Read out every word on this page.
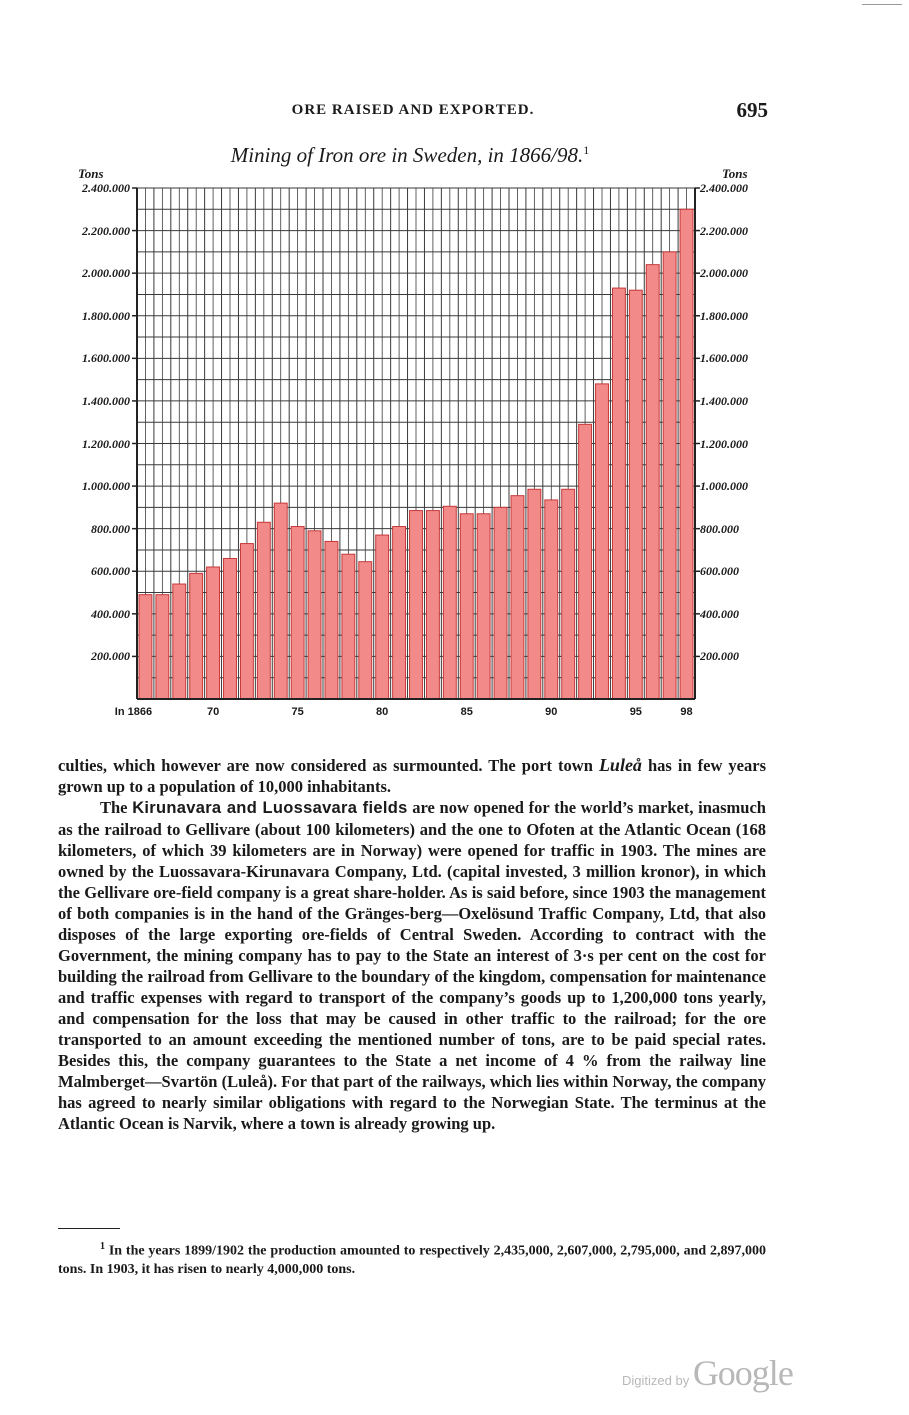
ORE RAISED AND EXPORTED.	695
Mining of Iron ore in Sweden, in 1866/98.$^1$
Tons	Tons
2.400.000
2.200.000
2.000.000
1.800.000
1.600.000
1.400.000
1.200.000
1.000.000
800.000
600.000
400.000
200.000
2.400.000
2.200.000
2.000.000
1.800.000
1.600.000
1.400.000
1.200.000
1.000.000
800.000
600.000
400.000
200.000
In 1866	70	75	80	85	90	95	98

culties, which however are now considered as surmounted. The port town Luleå has in few years grown up to a population of 10,000 inhabitants.

The Kirunavara and Luossavara fields are now opened for the world’s market, inasmuch as the railroad to Gellivare (about 100 kilometers) and the one to Ofoten at the Atlantic Ocean (168 kilometers, of which 39 kilometers are in Norway) were opened for traffic in 1903. The mines are owned by the Luossavara-Kirunavara Company, Ltd. (capital invested, 3 million kronor), in which the Gellivare ore-field company is a great share-holder. As is said before, since 1903 the management of both companies is in the hand of the Gränges-berg—Oxelösund Traffic Company, Ltd, that also disposes of the large exporting ore-fields of Central Sweden. According to contract with the Government, the mining company has to pay to the State an interest of 3·s per cent on the cost for building the railroad from Gellivare to the boundary of the kingdom, compensation for maintenance and traffic expenses with regard to transport of the company’s goods up to 1,200,000 tons yearly, and compensation for the loss that may be caused in other traffic to the railroad; for the ore transported to an amount exceeding the mentioned number of tons, are to be paid special rates. Besides this, the company guarantees to the State a net income of 4 % from the railway line Malmberget—Svartön (Luleå). For that part of the railways, which lies within Norway, the company has agreed to nearly similar obligations with regard to the Norwegian State. The terminus at the Atlantic Ocean is Narvik, where a town is already growing up.

$^1$ In the years 1899/1902 the production amounted to respectively 2,435,000, 2,607,000, 2,795,000, and 2,897,000 tons. In 1903, it has risen to nearly 4,000,000 tons.

Digitized by Google
